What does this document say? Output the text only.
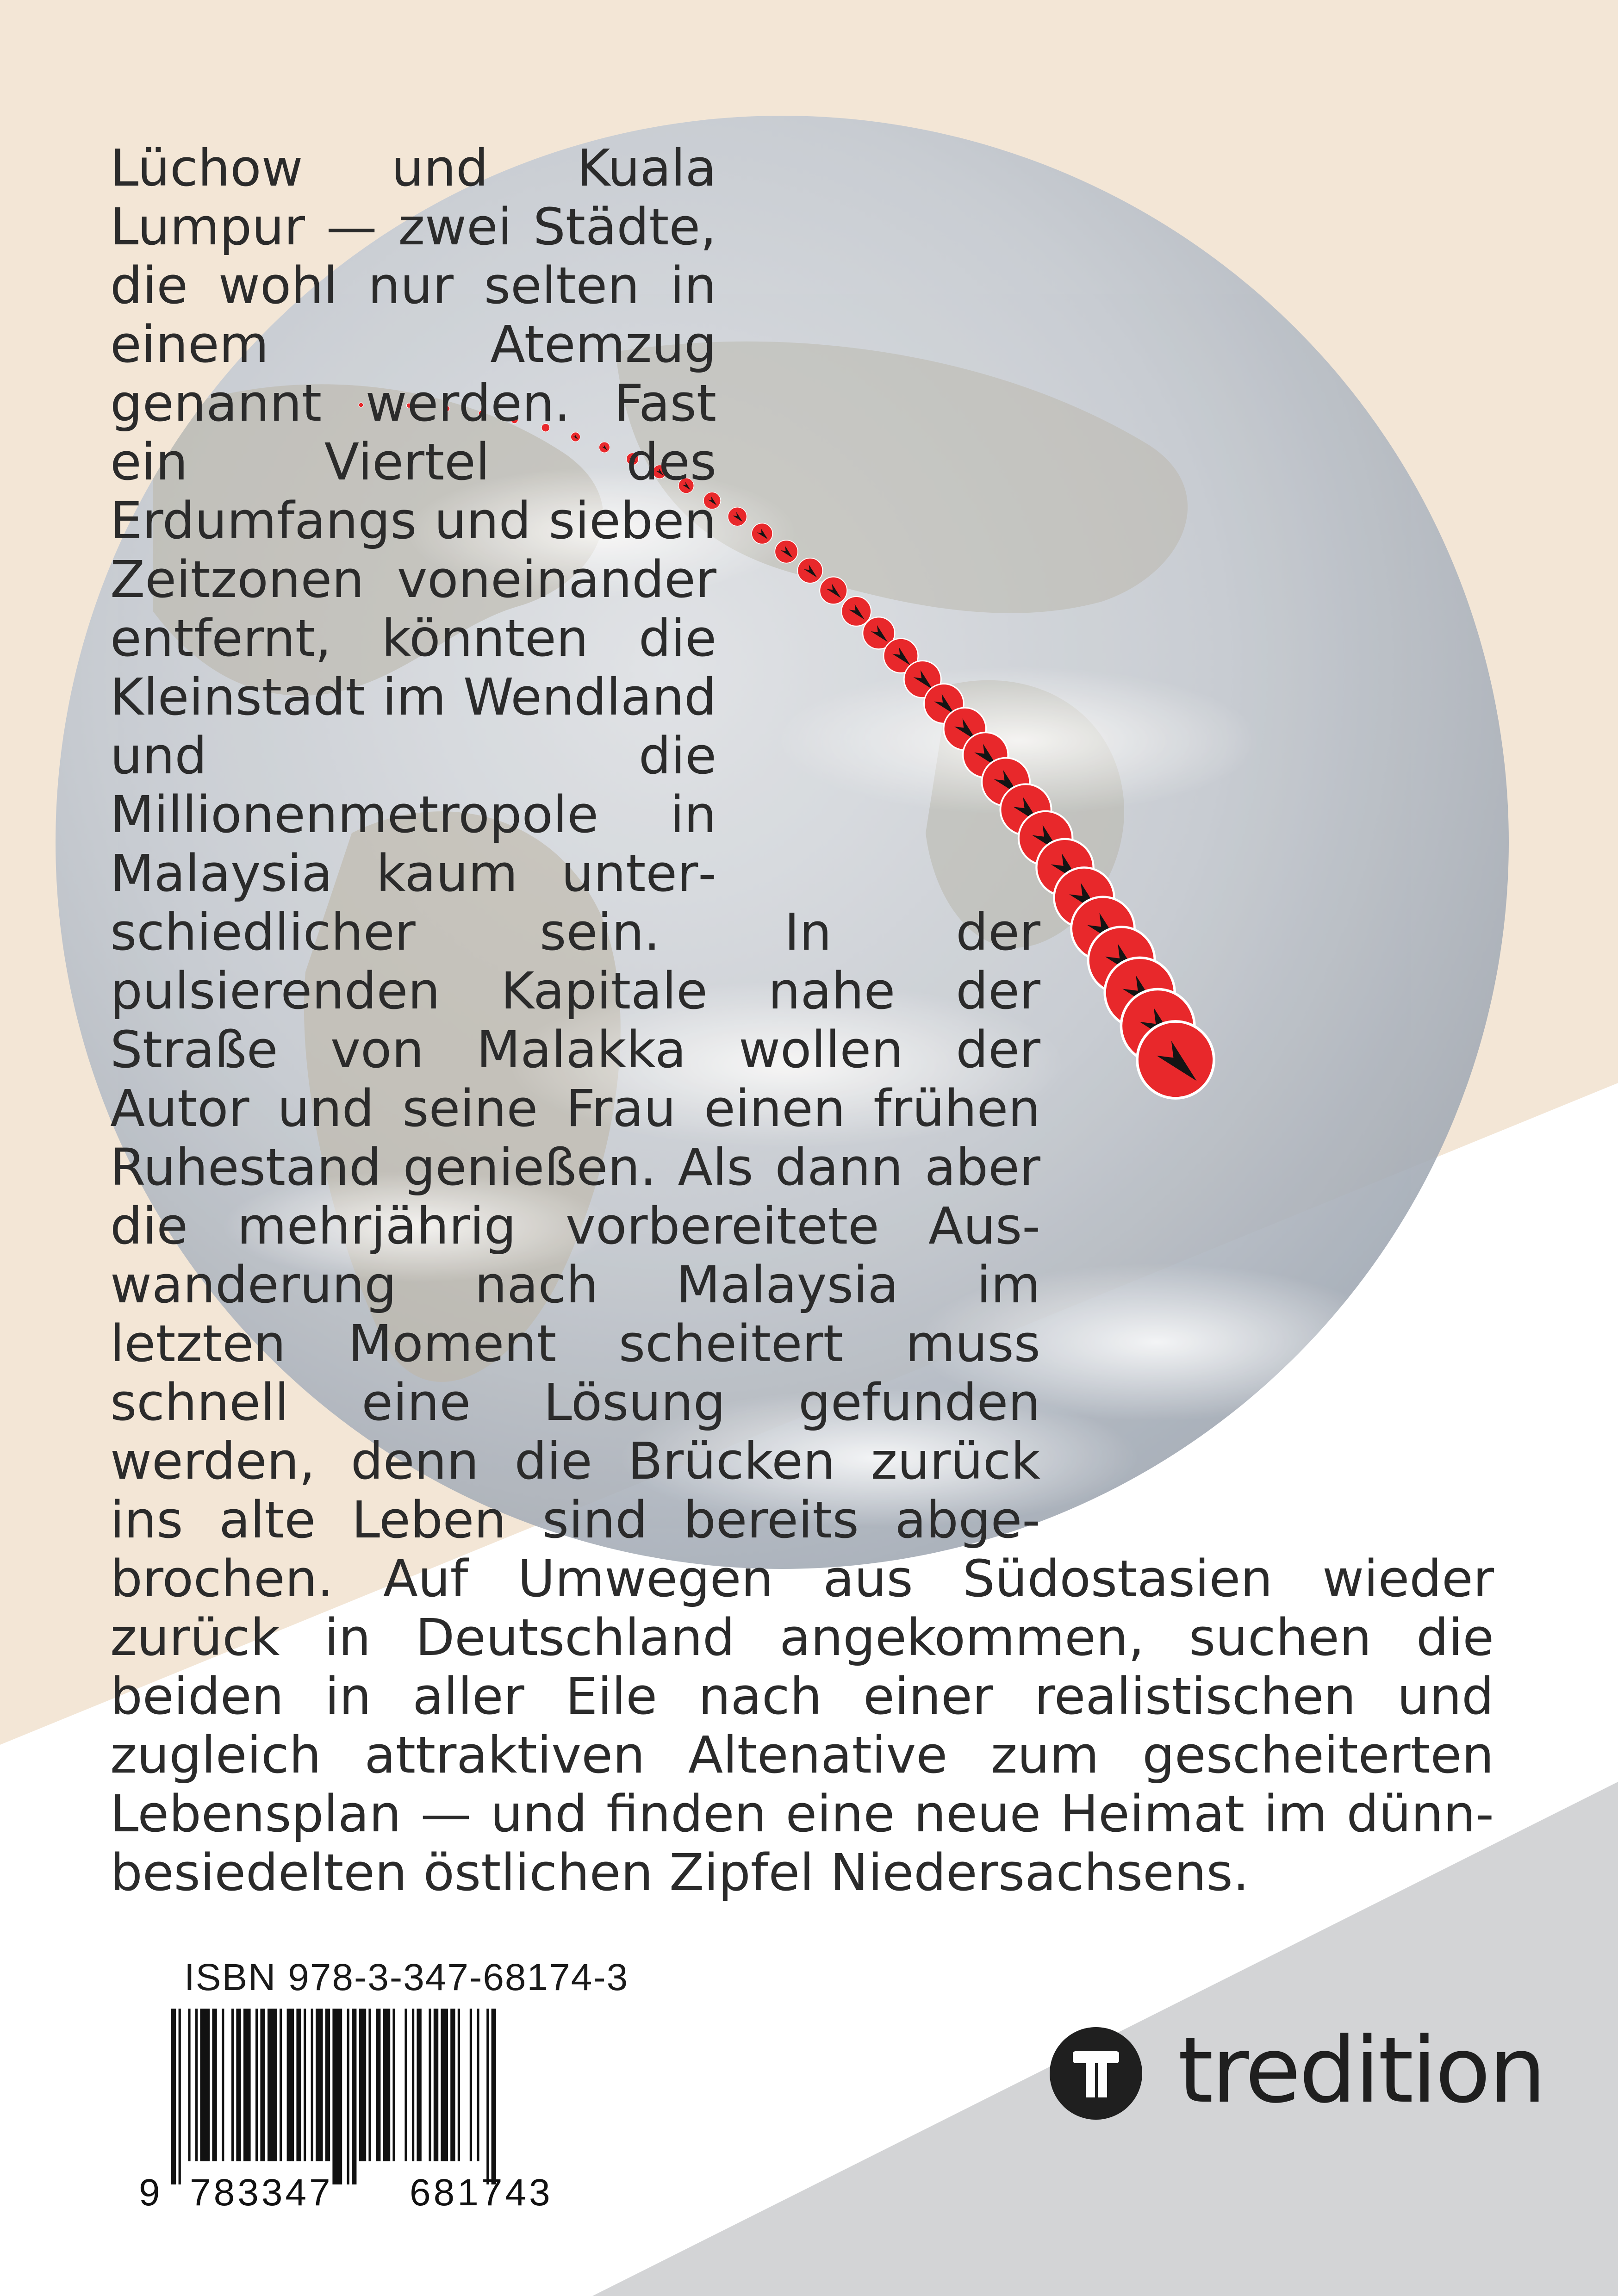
Lüchow und Kuala Lumpur — zwei Städte, die wohl nur selten in einem Atemzug genannt werden. Fast ein Viertel des Erdumfangs und sieben Zeitzonen voneinander entfernt, könnten die Kleinstadt im Wendland und die Millionenmetropole in Malaysia kaum unterschiedlicher sein. In der pulsierenden Kapitale nahe der Straße von Malakka wollen der Autor und seine Frau einen frühen Ruhestand genießen. Als dann aber die mehrjährig vorbereitete Auswanderung nach Malaysia im letzten Moment scheitert muss schnell eine Lösung gefunden werden, denn die Brücken zurück ins alte Leben sind bereits abgebrochen. Auf Umwegen aus Südostasien wieder zurück in Deutschland angekommen, suchen die beiden in aller Eile nach einer realistischen und zugleich attraktiven Altenative zum gescheiterten Lebensplan — und finden eine neue Heimat im dünnbesiedelten östlichen Zipfel Niedersachsens.

ISBN 978-3-347-68174-3
9 783347 681743
tredition
